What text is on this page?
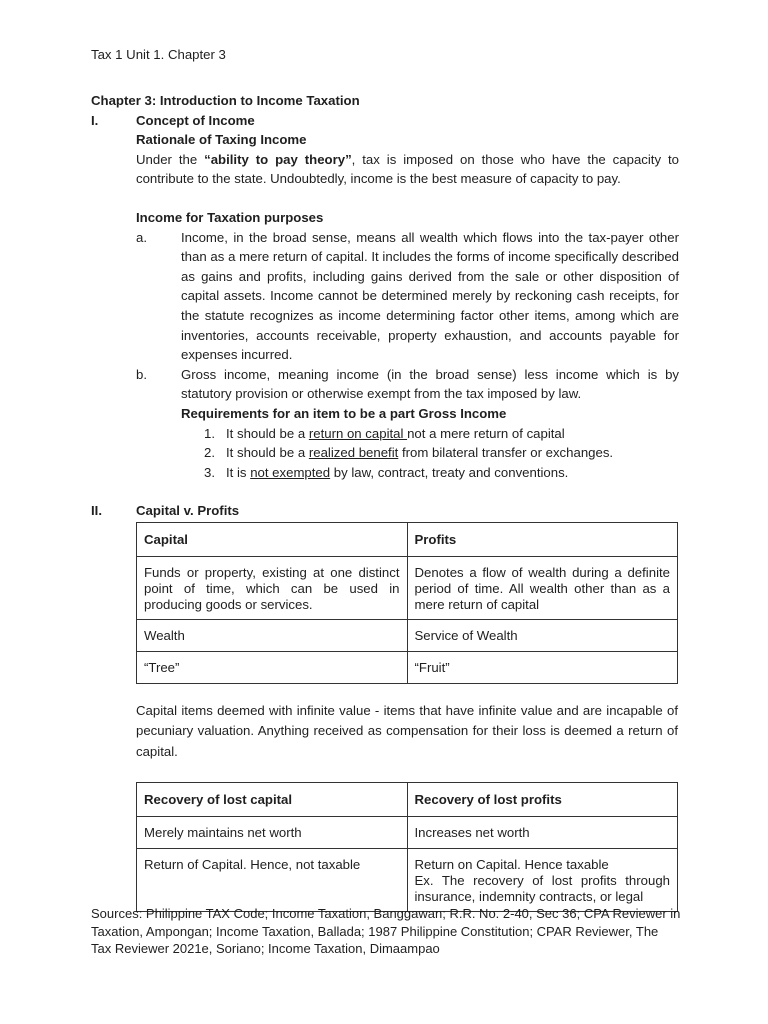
Tax 1 Unit 1. Chapter 3
Chapter 3: Introduction to Income Taxation
I.	Concept of Income
Rationale of Taxing Income
Under the “ability to pay theory”, tax is imposed on those who have the capacity to contribute to the state. Undoubtedly, income is the best measure of capacity to pay.
Income for Taxation purposes
a.	Income, in the broad sense, means all wealth which flows into the tax-payer other than as a mere return of capital. It includes the forms of income specifically described as gains and profits, including gains derived from the sale or other disposition of capital assets. Income cannot be determined merely by reckoning cash receipts, for the statute recognizes as income determining factor other items, among which are inventories, accounts receivable, property exhaustion, and accounts payable for expenses incurred.
b.	Gross income, meaning income (in the broad sense) less income which is by statutory provision or otherwise exempt from the tax imposed by law.
Requirements for an item to be a part Gross Income
1. It should be a return on capital not a mere return of capital
2. It should be a realized benefit from bilateral transfer or exchanges.
3. It is not exempted by law, contract, treaty and conventions.
II.	Capital v. Profits
Capital	Profits
Funds or property, existing at one distinct point of time, which can be used in producing goods or services.	Denotes a flow of wealth during a definite period of time. All wealth other than as a mere return of capital
Wealth	Service of Wealth
“Tree”	“Fruit”
Capital items deemed with infinite value - items that have infinite value and are incapable of pecuniary valuation. Anything received as compensation for their loss is deemed a return of capital.
Recovery of lost capital	Recovery of lost profits
Merely maintains net worth	Increases net worth
Return of Capital. Hence, not taxable	Return on Capital. Hence taxable
Ex. The recovery of lost profits through insurance, indemnity contracts, or legal
Sources: Philippine TAX Code; Income Taxation, Banggawan; R.R. No. 2-40, Sec 36; CPA Reviewer in Taxation, Ampongan; Income Taxation, Ballada; 1987 Philippine Constitution; CPAR Reviewer, The Tax Reviewer 2021e, Soriano; Income Taxation, Dimaampao
